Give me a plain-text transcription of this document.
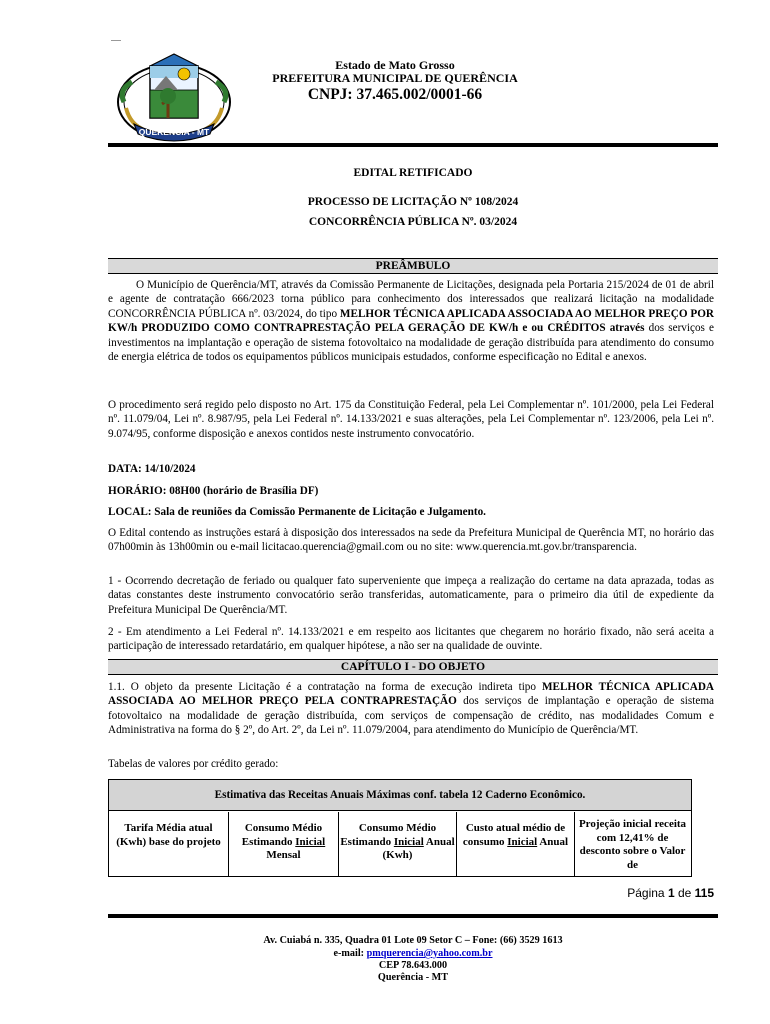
QUERÊNCIA - MT
Estado de Mato Grosso
PREFEITURA MUNICIPAL DE QUERÊNCIA
CNPJ: 37.465.002/0001-66
EDITAL RETIFICADO
PROCESSO DE LICITAÇÃO Nº 108/2024
CONCORRÊNCIA PÚBLICA Nº. 03/2024
PREÂMBULO
O Município de Querência/MT, através da Comissão Permanente de Licitações, designada pela Portaria 215/2024 de 01 de abril e agente de contratação 666/2023 torna público para conhecimento dos interessados que realizará licitação na modalidade CONCORRÊNCIA PÚBLICA nº. 03/2024, do tipo MELHOR TÉCNICA APLICADA ASSOCIADA AO MELHOR PREÇO POR KW/h PRODUZIDO COMO CONTRAPRESTAÇÃO PELA GERAÇÃO DE KW/h e ou CRÉDITOS através dos serviços e investimentos na implantação e operação de sistema fotovoltaico na modalidade de geração distribuída para atendimento do consumo de energia elétrica de todos os equipamentos públicos municipais estudados, conforme especificação no Edital e anexos.
O procedimento será regido pelo disposto no Art. 175 da Constituição Federal, pela Lei Complementar nº. 101/2000, pela Lei Federal nº. 11.079/04, Lei nº. 8.987/95, pela Lei Federal nº. 14.133/2021 e suas alterações, pela Lei Complementar nº. 123/2006, pela Lei nº. 9.074/95, conforme disposição e anexos contidos neste instrumento convocatório.
DATA: 14/10/2024
HORÁRIO: 08H00 (horário de Brasília DF)
LOCAL: Sala de reuniões da Comissão Permanente de Licitação e Julgamento.
O Edital contendo as instruções estará à disposição dos interessados na sede da Prefeitura Municipal de Querência MT, no horário das 07h00min às 13h00min ou e-mail licitacao.querencia@gmail.com ou no site: www.querencia.mt.gov.br/transparencia.
1 - Ocorrendo decretação de feriado ou qualquer fato superveniente que impeça a realização do certame na data aprazada, todas as datas constantes deste instrumento convocatório serão transferidas, automaticamente, para o primeiro dia útil de expediente da Prefeitura Municipal De Querência/MT.
2 - Em atendimento a Lei Federal nº. 14.133/2021 e em respeito aos licitantes que chegarem no horário fixado, não será aceita a participação de interessado retardatário, em qualquer hipótese, a não ser na qualidade de ouvinte.
CAPÍTULO I - DO OBJETO
1.1. O objeto da presente Licitação é a contratação na forma de execução indireta tipo MELHOR TÉCNICA APLICADA ASSOCIADA AO MELHOR PREÇO PELA CONTRAPRESTAÇÃO dos serviços de implantação e operação de sistema fotovoltaico na modalidade de geração distribuída, com serviços de compensação de crédito, nas modalidades Comum e Administrativa na forma do § 2º, do Art. 2º, da Lei nº. 11.079/2004, para atendimento do Município de Querência/MT.
Tabelas de valores por crédito gerado:
Estimativa das Receitas Anuais Máximas conf. tabela 12 Caderno Econômico.
Tarifa Média atual (Kwh) base do projeto
Consumo Médio Estimando Inicial Mensal
Consumo Médio Estimando Inicial Anual (Kwh)
Custo atual médio de consumo Inicial Anual
Projeção inicial receita com 12,41% de desconto sobre o Valor de
Página 1 de 115
Av. Cuiabá n. 335, Quadra 01 Lote 09 Setor C – Fone: (66) 3529 1613
e-mail: pmquerencia@yahoo.com.br
CEP 78.643.000
Querência - MT
